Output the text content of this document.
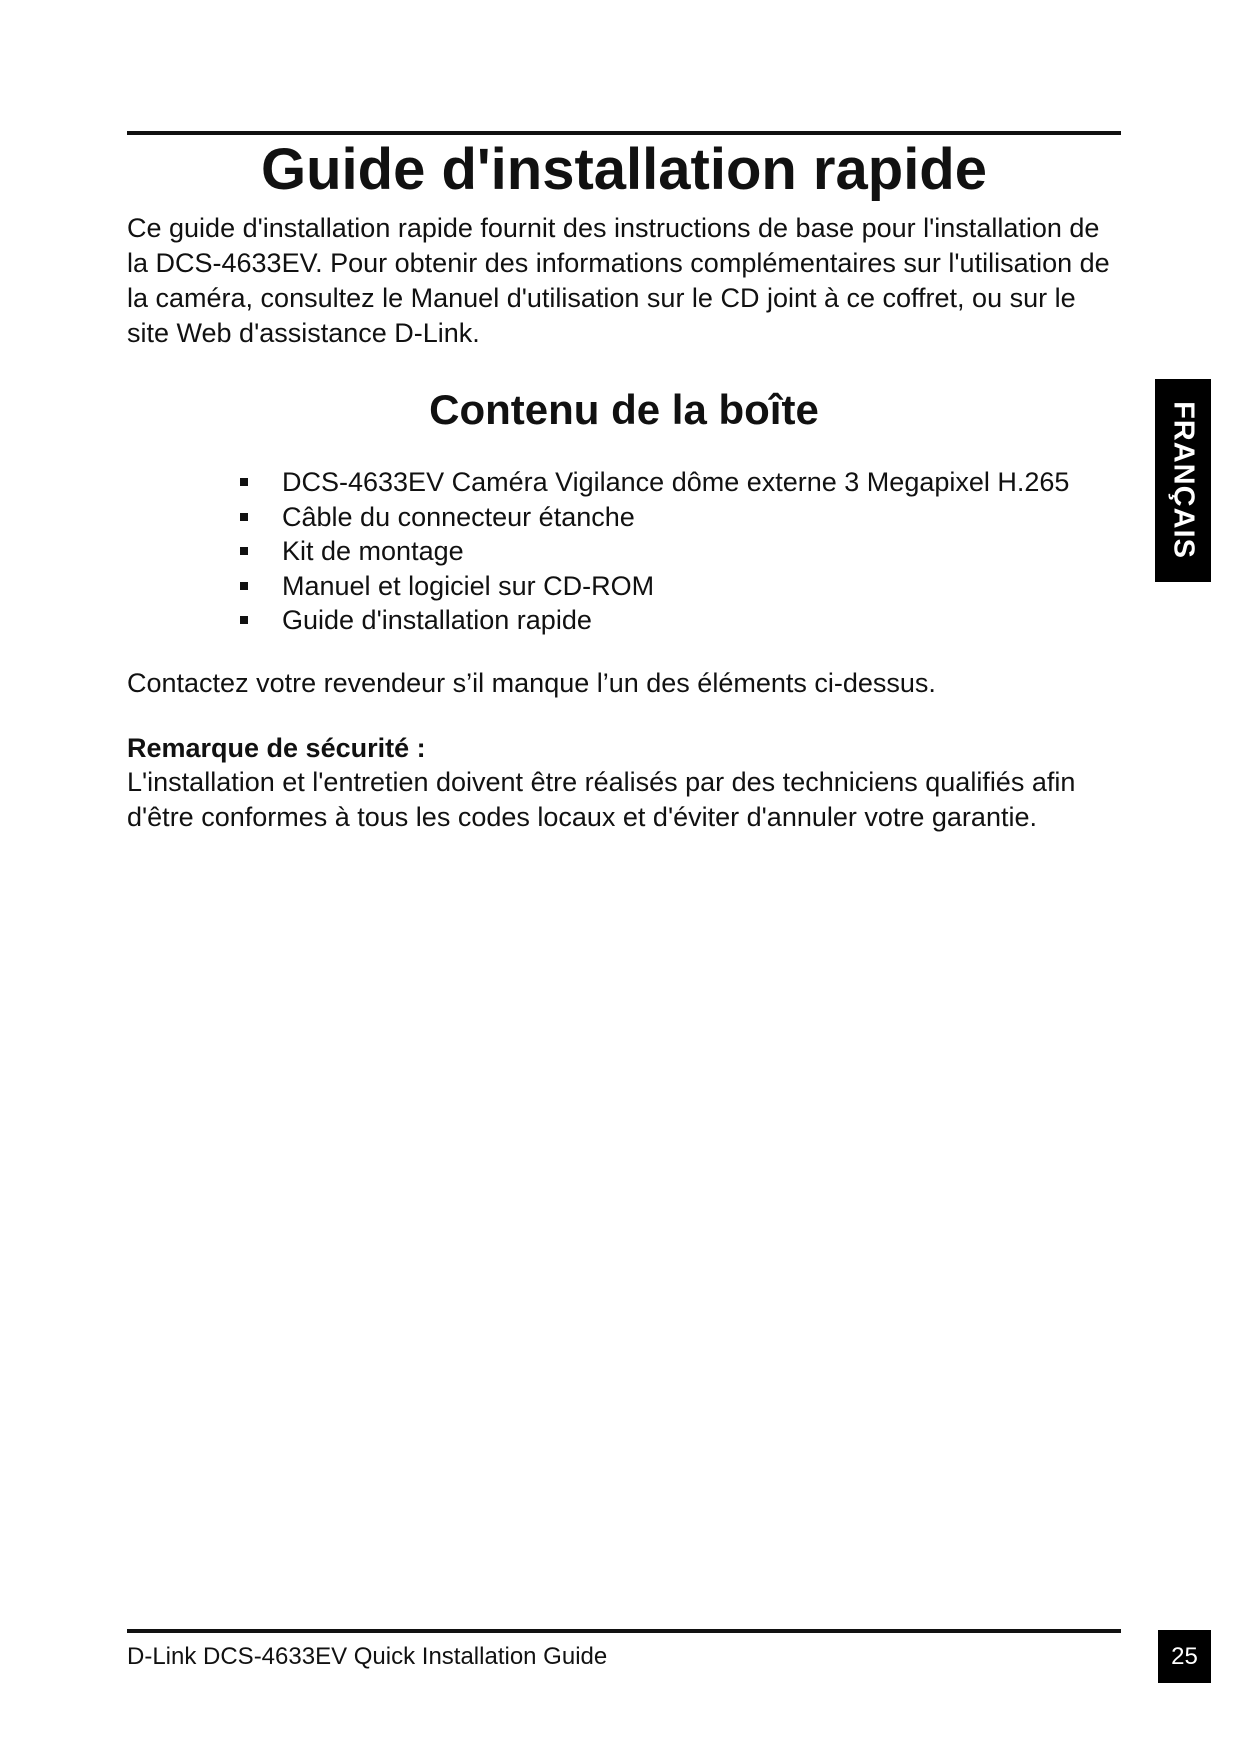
Guide d'installation rapide

Ce guide d'installation rapide fournit des instructions de base pour l'installation de la DCS-4633EV. Pour obtenir des informations complémentaires sur l'utilisation de la caméra, consultez le Manuel d'utilisation sur le CD joint à ce coffret, ou sur le site Web d'assistance D-Link.

Contenu de la boîte
DCS-4633EV Caméra Vigilance dôme externe 3 Megapixel H.265
Câble du connecteur étanche
Kit de montage
Manuel et logiciel sur CD-ROM
Guide d'installation rapide

Contactez votre revendeur s’il manque l’un des éléments ci-dessus.

Remarque de sécurité :

L'installation et l'entretien doivent être réalisés par des techniciens qualifiés afin d'être conformes à tous les codes locaux et d'éviter d'annuler votre garantie.

FRANÇAIS

D-Link DCS-4633EV Quick Installation Guide	25
